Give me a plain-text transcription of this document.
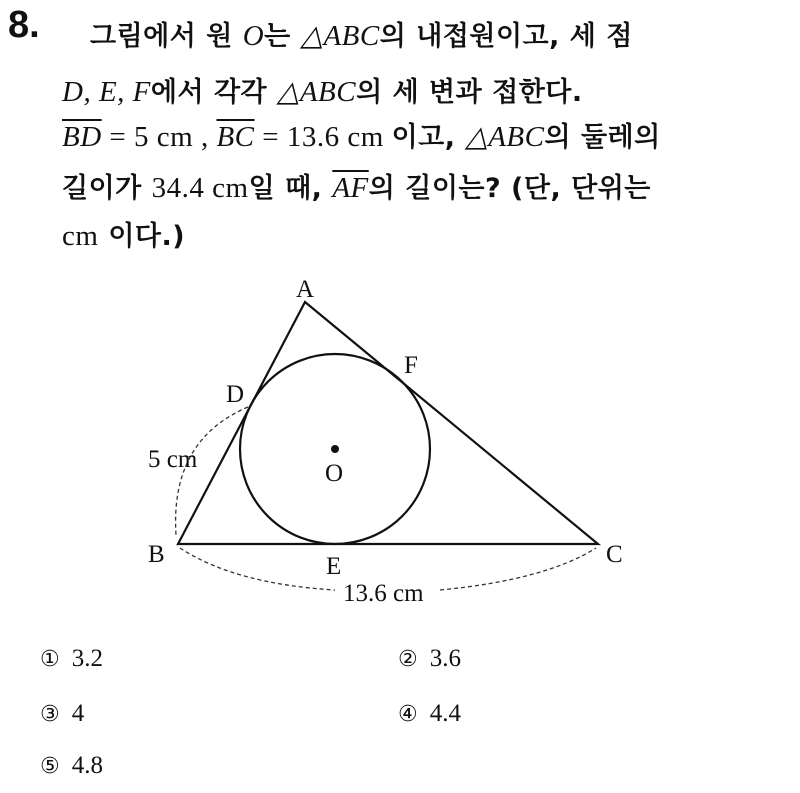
8. 그림에서 원 O는 △ABC의 내접원이고, 세 점
D, E, F에서 각각 △ABC의 세 변과 접한다.
$\overline{BD} = 5$ cm , $\overline{BC} = 13.6$ cm 이고, △ABC의 둘레의
길이가 34.4 cm일 때, $\overline{AF}$의 길이는? (단, 단위는
cm 이다.)
A
B	C
D
E
F
O
5 cm
13.6 cm
① 3.2	② 3.6
③ 4	④ 4.4
⑤ 4.8
